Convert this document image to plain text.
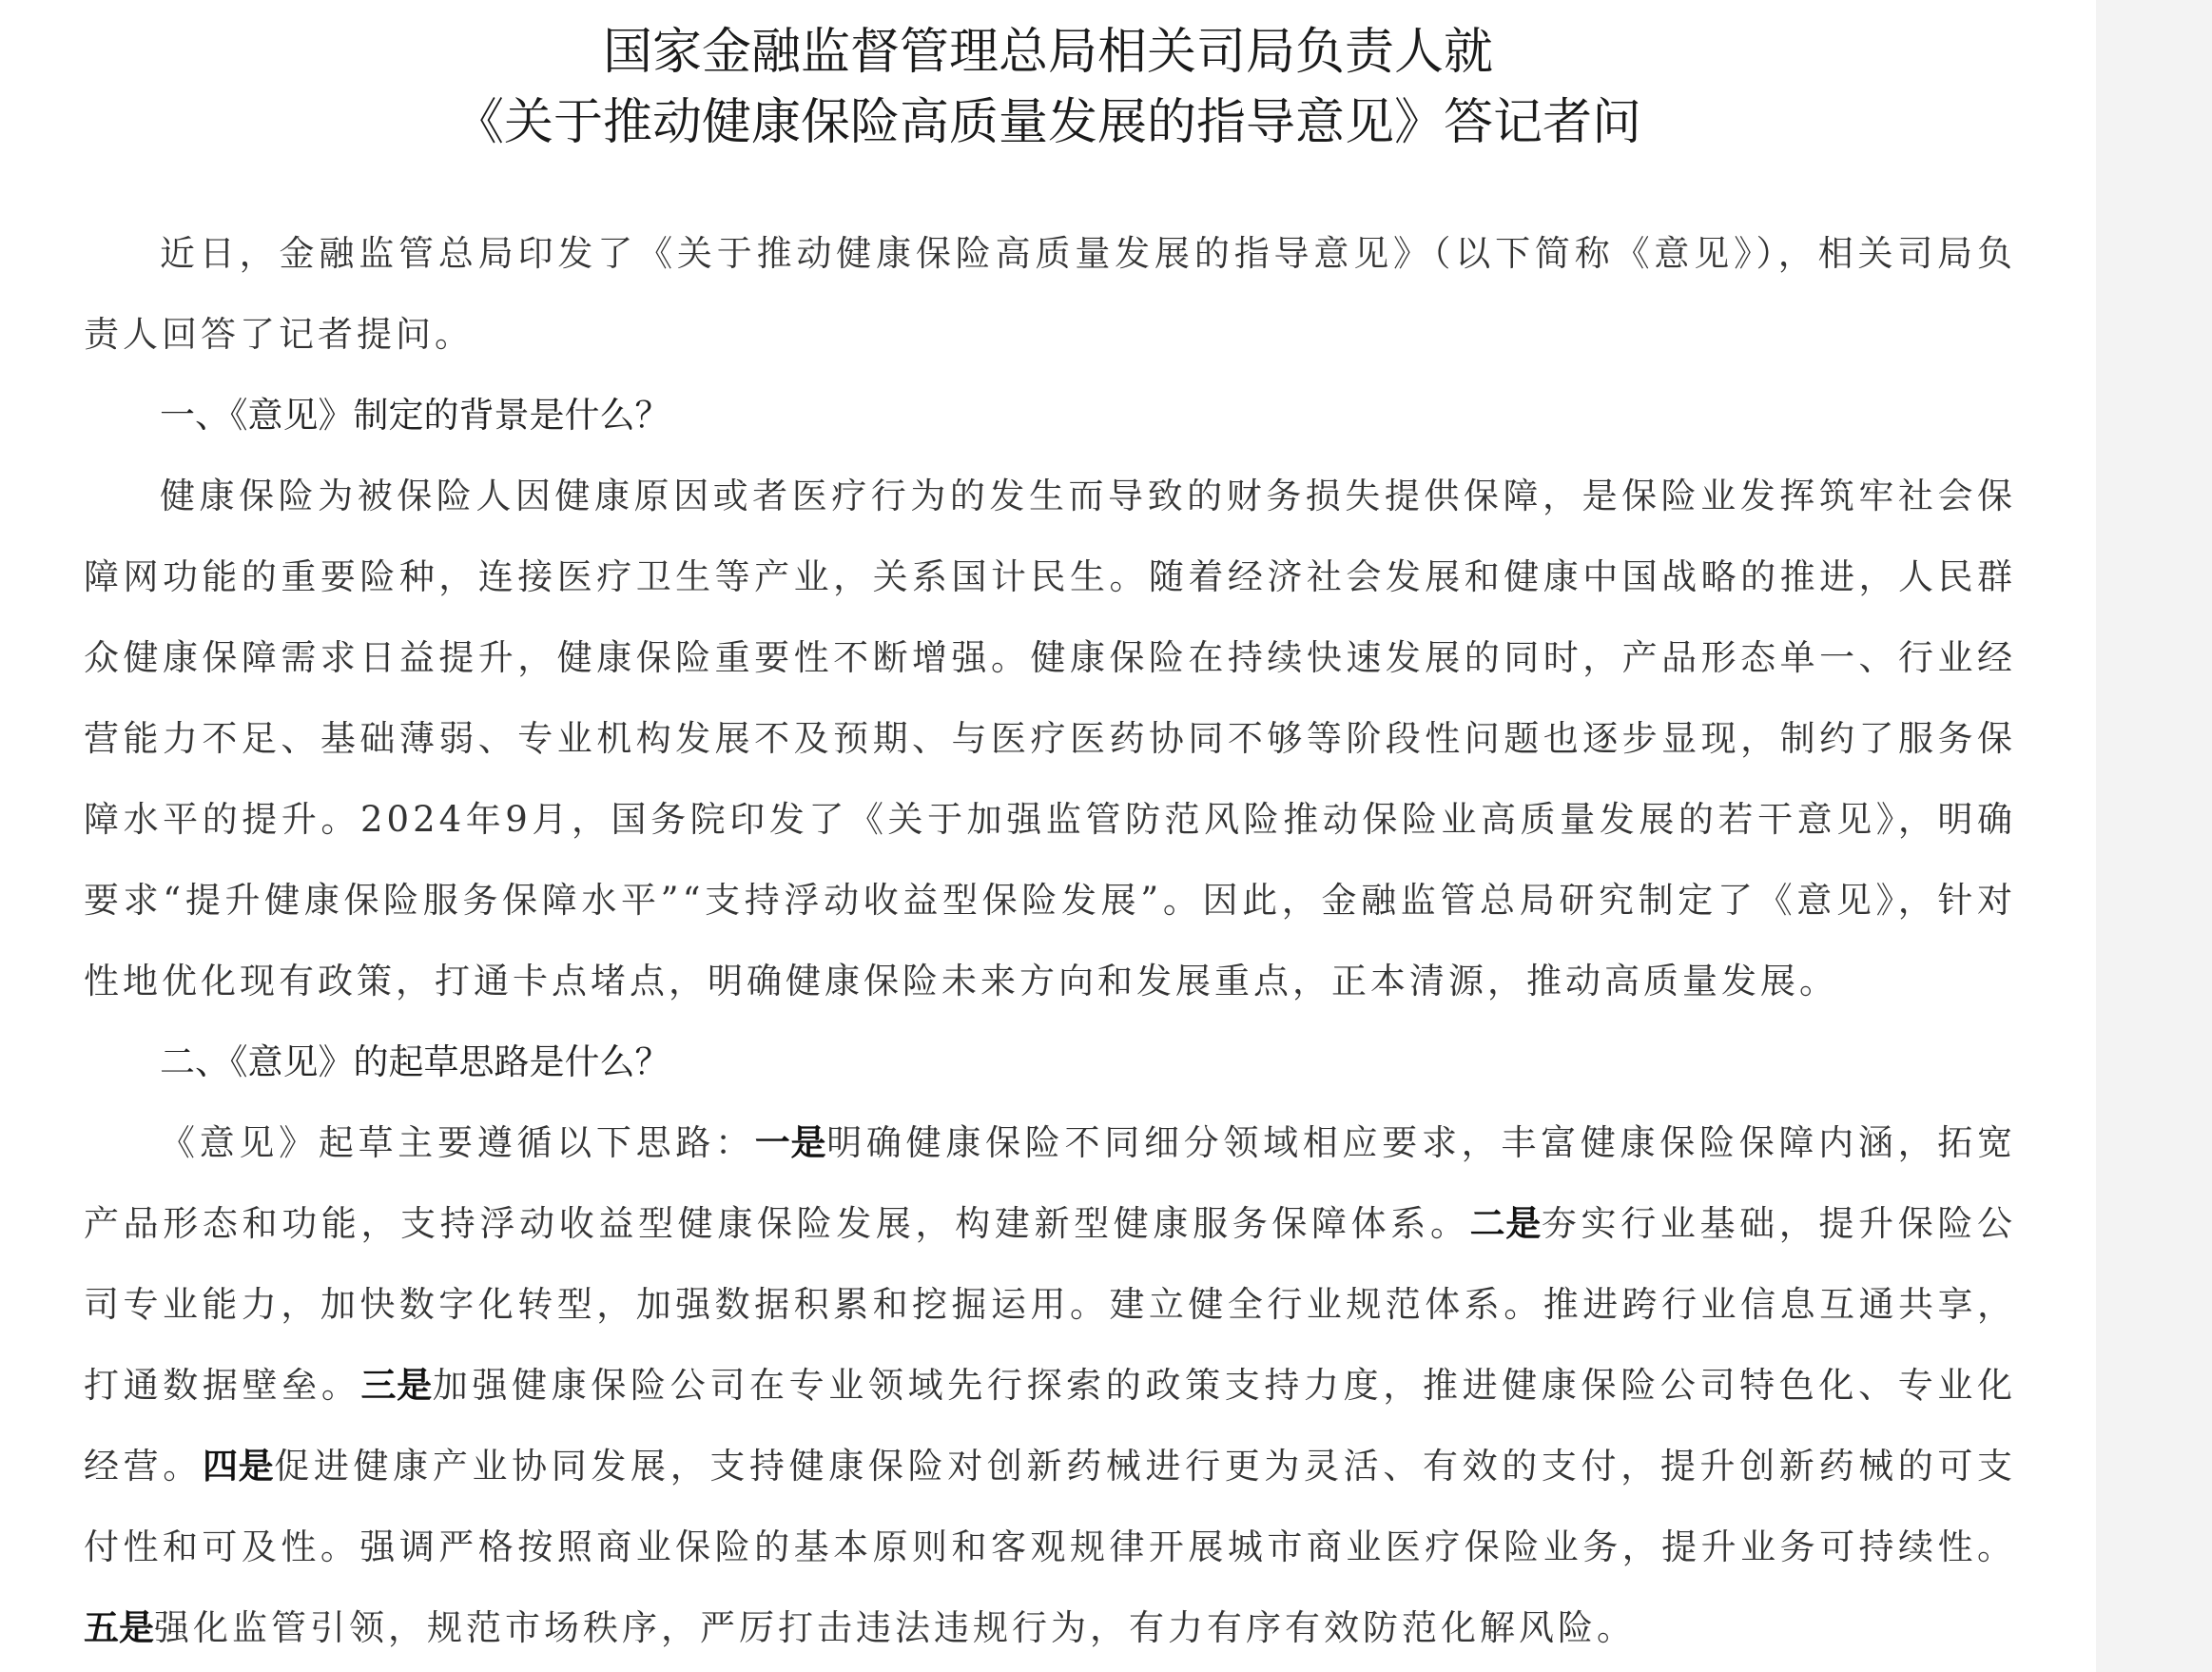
国家金融监督管理总局相关司局负责人就
《关于推动健康保险高质量发展的指导意见》答记者问

近日，金融监管总局印发了《关于推动健康保险高质量发展的指导意见》（以下简称《意见》），相关司局负责人回答了记者提问。

一、《意见》制定的背景是什么？

健康保险为被保险人因健康原因或者医疗行为的发生而导致的财务损失提供保障，是保险业发挥筑牢社会保障网功能的重要险种，连接医疗卫生等产业，关系国计民生。随着经济社会发展和健康中国战略的推进，人民群众健康保障需求日益提升，健康保险重要性不断增强。健康保险在持续快速发展的同时，产品形态单一、行业经营能力不足、基础薄弱、专业机构发展不及预期、与医疗医药协同不够等阶段性问题也逐步显现，制约了服务保障水平的提升。2024年9月，国务院印发了《关于加强监管防范风险推动保险业高质量发展的若干意见》，明确要求“提升健康保险服务保障水平”“支持浮动收益型保险发展”。因此，金融监管总局研究制定了《意见》，针对性地优化现有政策，打通卡点堵点，明确健康保险未来方向和发展重点，正本清源，推动高质量发展。

二、《意见》的起草思路是什么？

《意见》起草主要遵循以下思路：一是明确健康保险不同细分领域相应要求，丰富健康保险保障内涵，拓宽产品形态和功能，支持浮动收益型健康保险发展，构建新型健康服务保障体系。二是夯实行业基础，提升保险公司专业能力，加快数字化转型，加强数据积累和挖掘运用。建立健全行业规范体系。推进跨行业信息互通共享，打通数据壁垒。三是加强健康保险公司在专业领域先行探索的政策支持力度，推进健康保险公司特色化、专业化经营。四是促进健康产业协同发展，支持健康保险对创新药械进行更为灵活、有效的支付，提升创新药械的可支付性和可及性。强调严格按照商业保险的基本原则和客观规律开展城市商业医疗保险业务，提升业务可持续性。五是强化监管引领，规范市场秩序，严厉打击违法违规行为，有力有序有效防范化解风险。
